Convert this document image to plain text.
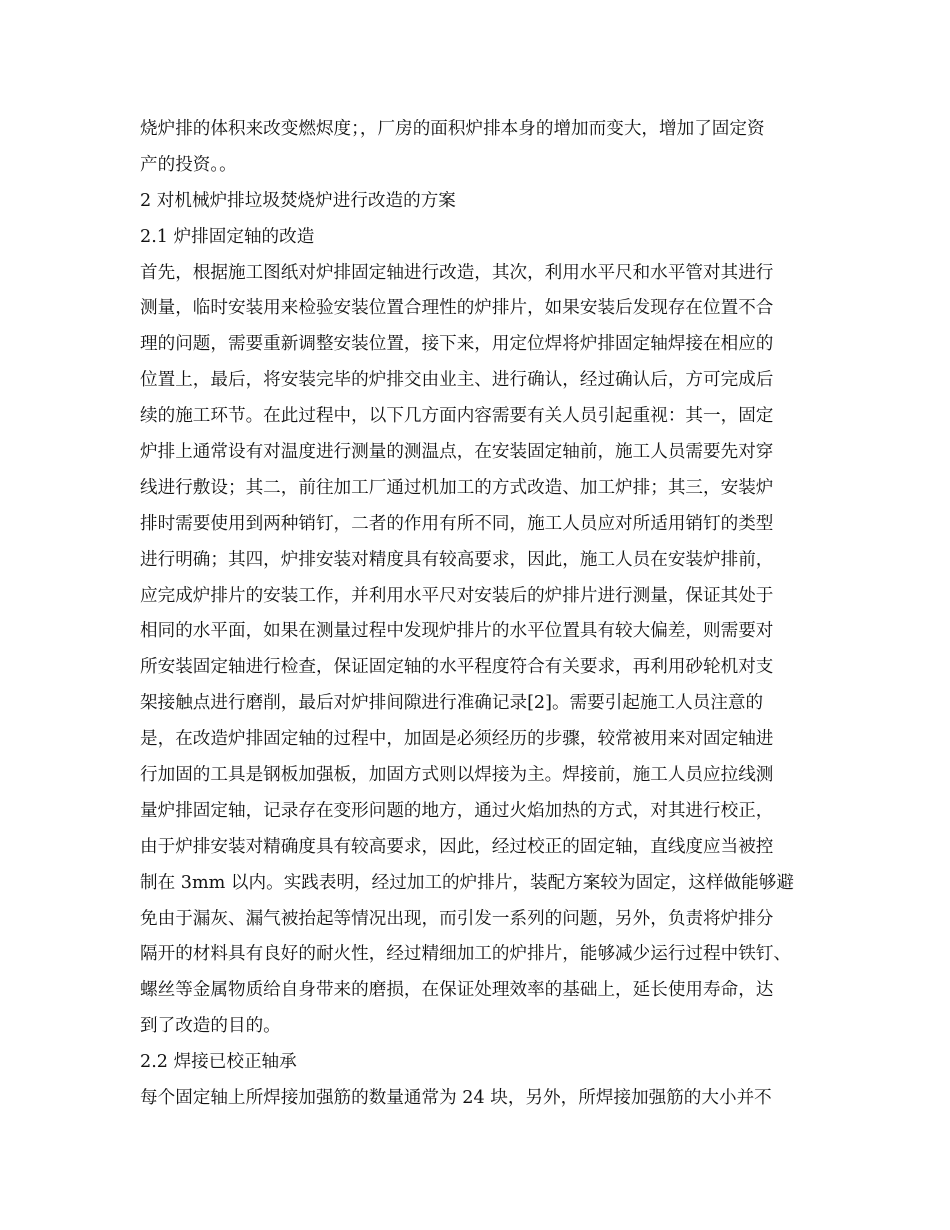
烧炉排的体积来改变燃烬度；，厂房的面积炉排本身的增加而变大，增加了固定资
产的投资。。
2 对机械炉排垃圾焚烧炉进行改造的方案
2.1 炉排固定轴的改造
首先，根据施工图纸对炉排固定轴进行改造，其次，利用水平尺和水平管对其进行
测量，临时安装用来检验安装位置合理性的炉排片，如果安装后发现存在位置不合
理的问题，需要重新调整安装位置，接下来，用定位焊将炉排固定轴焊接在相应的
位置上，最后，将安装完毕的炉排交由业主、进行确认，经过确认后，方可完成后
续的施工环节。在此过程中，以下几方面内容需要有关人员引起重视：其一，固定
炉排上通常设有对温度进行测量的测温点，在安装固定轴前，施工人员需要先对穿
线进行敷设；其二，前往加工厂通过机加工的方式改造、加工炉排；其三，安装炉
排时需要使用到两种销钉，二者的作用有所不同，施工人员应对所适用销钉的类型
进行明确；其四，炉排安装对精度具有较高要求，因此，施工人员在安装炉排前，
应完成炉排片的安装工作，并利用水平尺对安装后的炉排片进行测量，保证其处于
相同的水平面，如果在测量过程中发现炉排片的水平位置具有较大偏差，则需要对
所安装固定轴进行检查，保证固定轴的水平程度符合有关要求，再利用砂轮机对支
架接触点进行磨削，最后对炉排间隙进行准确记录[2]。需要引起施工人员注意的
是，在改造炉排固定轴的过程中，加固是必须经历的步骤，较常被用来对固定轴进
行加固的工具是钢板加强板，加固方式则以焊接为主。焊接前，施工人员应拉线测
量炉排固定轴，记录存在变形问题的地方，通过火焰加热的方式，对其进行校正，
由于炉排安装对精确度具有较高要求，因此，经过校正的固定轴，直线度应当被控
制在 3mm 以内。实践表明，经过加工的炉排片，装配方案较为固定，这样做能够避
免由于漏灰、漏气被抬起等情况出现，而引发一系列的问题，另外，负责将炉排分
隔开的材料具有良好的耐火性，经过精细加工的炉排片，能够减少运行过程中铁钉、
螺丝等金属物质给自身带来的磨损，在保证处理效率的基础上，延长使用寿命，达
到了改造的目的。
2.2 焊接已校正轴承
每个固定轴上所焊接加强筋的数量通常为 24 块，另外，所焊接加强筋的大小并不
